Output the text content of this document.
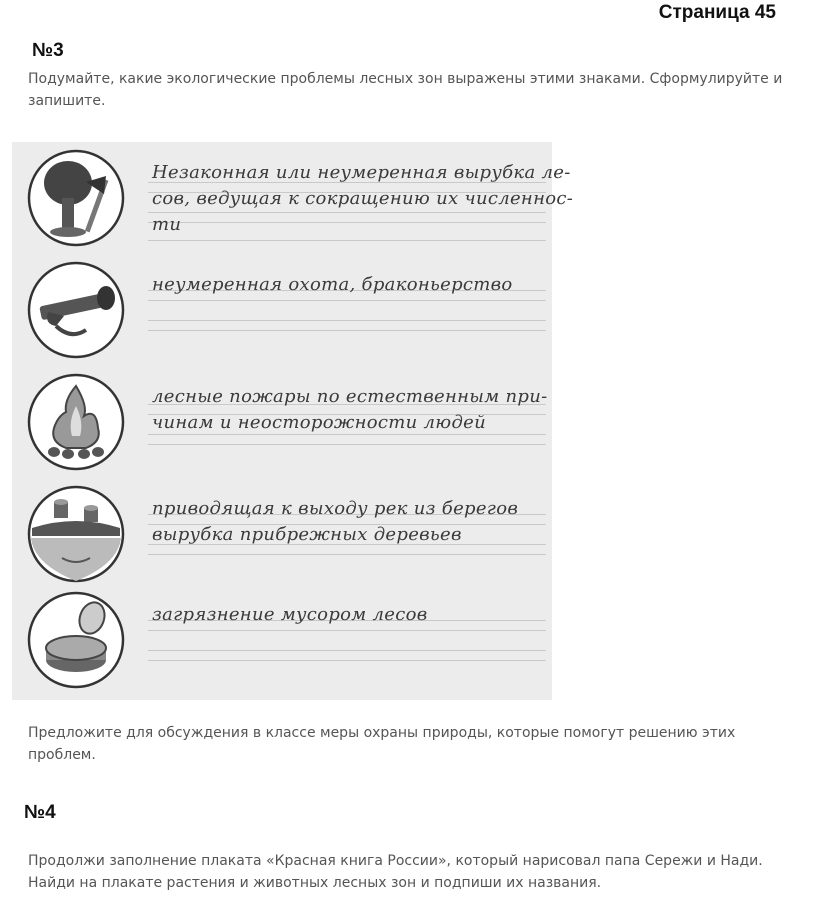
Страница 45
№3
Подумайте, какие экологические проблемы лесных зон выражены этими знаками. Сформулируйте и запишите.
Незаконная или неумеренная вырубка ле-
сов, ведущая к сокращению их численнос-
ти
неумеренная охота, браконьерство
лесные пожары по естественным при-
чинам и неосторожности людей
приводящая к выходу рек из берегов
вырубка прибрежных деревьев
загрязнение мусором лесов
Предложите для обсуждения в классе меры охраны природы, которые помогут решению этих проблем.
№4
Продолжи заполнение плаката «Красная книга России», который нарисовал папа Сережи и Нади. Найди на плакате растения и животных лесных зон и подпиши их названия.
